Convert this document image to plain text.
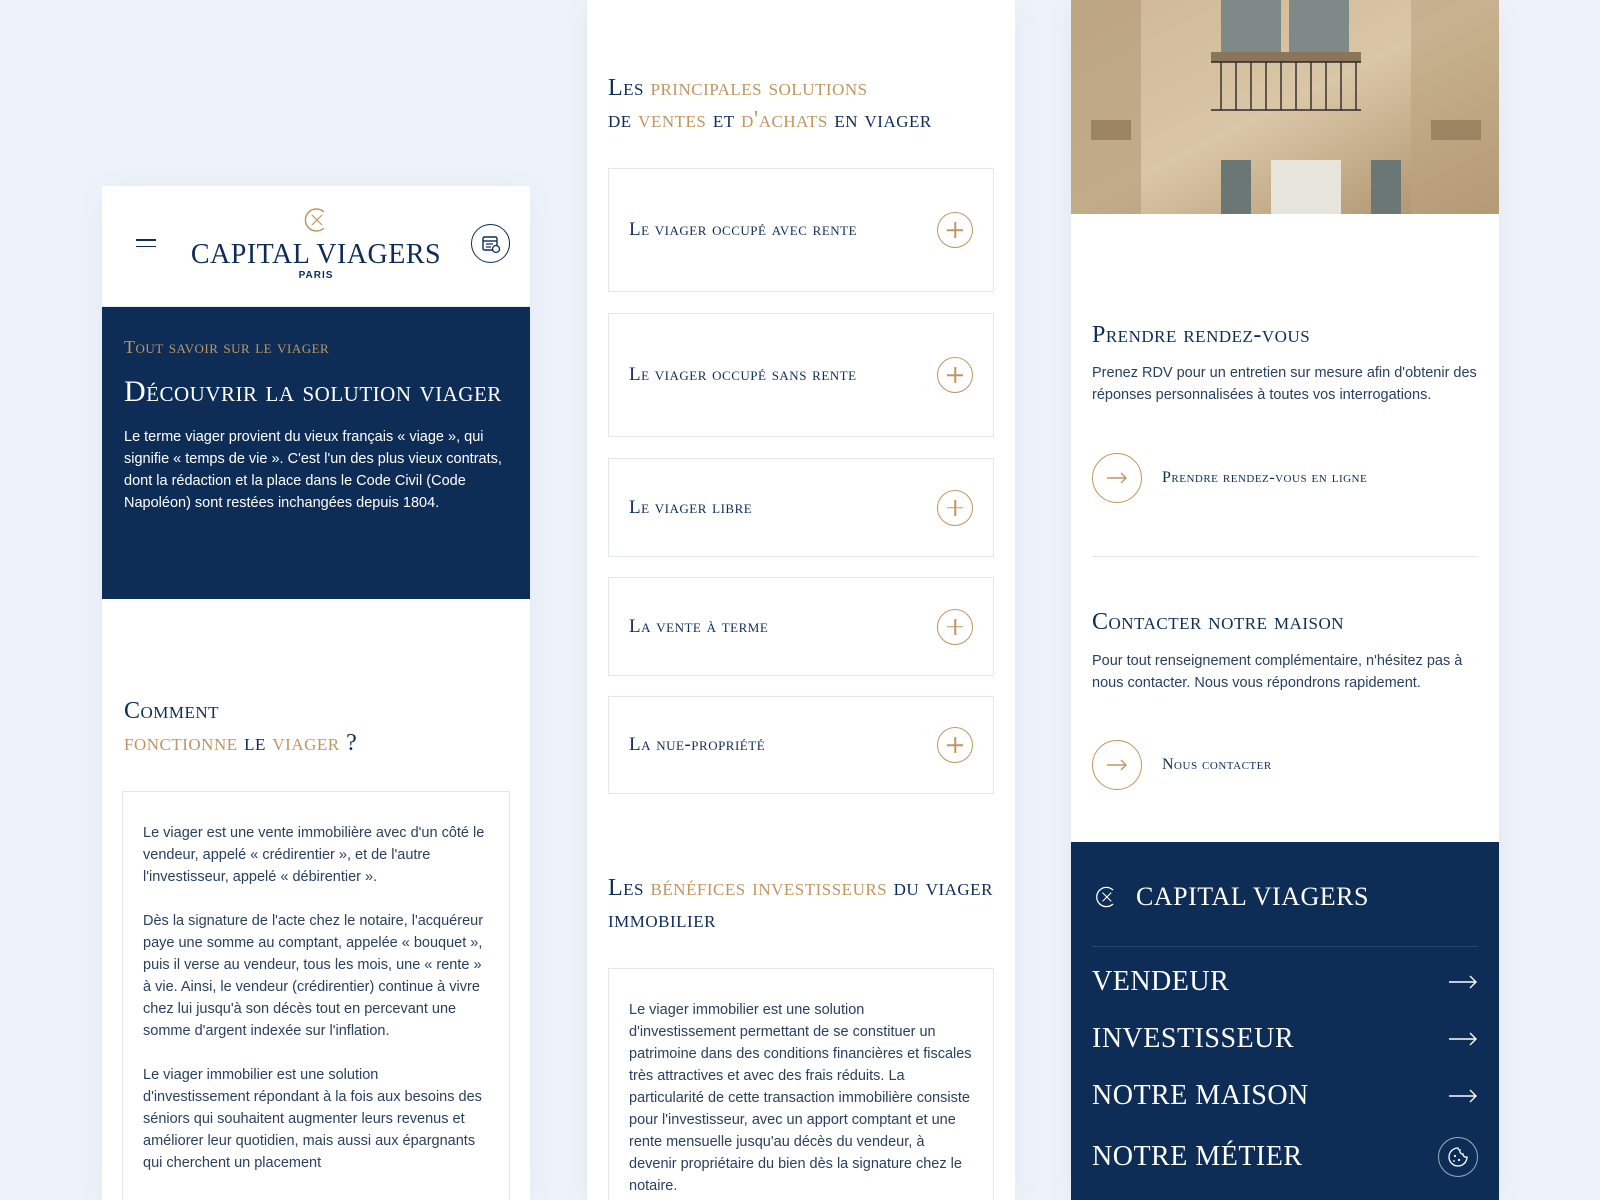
CAPITAL VIAGERS
PARIS
Tout savoir sur le viager
Découvrir la solution viager
Le terme viager provient du vieux français « viage », qui signifie « temps de vie ». C'est l'un des plus vieux contrats, dont la rédaction et la place dans le Code Civil (Code Napoléon) sont restées inchangées depuis 1804.
Comment
fonctionne le viager ?

Le viager est une vente immobilière avec d'un côté le vendeur, appelé « crédirentier », et de l'autre l'investisseur, appelé « débirentier ».

Dès la signature de l'acte chez le notaire, l'acquéreur paye une somme au comptant, appelée « bouquet », puis il verse au vendeur, tous les mois, une « rente » à vie. Ainsi, le vendeur (crédirentier) continue à vivre chez lui jusqu'à son décès tout en percevant une somme d'argent indexée sur l'inflation.

Le viager immobilier est une solution d'investissement répondant à la fois aux besoins des séniors qui souhaitent augmenter leurs revenus et améliorer leur quotidien, mais aussi aux épargnants qui cherchent un placement

Les principales solutions
de ventes et d'achats en viager
Le viager occupé avec rente
Le viager occupé sans rente
Le viager libre
La vente à terme
La nue-propriété
Les bénéfices investisseurs du viager immobilier
Le viager immobilier est une solution d'investissement permettant de se constituer un patrimoine dans des conditions financières et fiscales très attractives et avec des frais réduits. La particularité de cette transaction immobilière consiste pour l'investisseur, avec un apport comptant et une rente mensuelle jusqu'au décès du vendeur, à devenir propriétaire du bien dès la signature chez le notaire.
Prendre rendez-vous
Prenez RDV pour un entretien sur mesure afin d'obtenir des réponses personnalisées à toutes vos interrogations.
Prendre rendez-vous en ligne
Contacter notre maison
Pour tout renseignement complémentaire, n'hésitez pas à nous contacter. Nous vous répondrons rapidement.
Nous contacter
CAPITAL VIAGERS
VENDEUR
INVESTISSEUR
NOTRE MAISON
NOTRE MÉTIER
